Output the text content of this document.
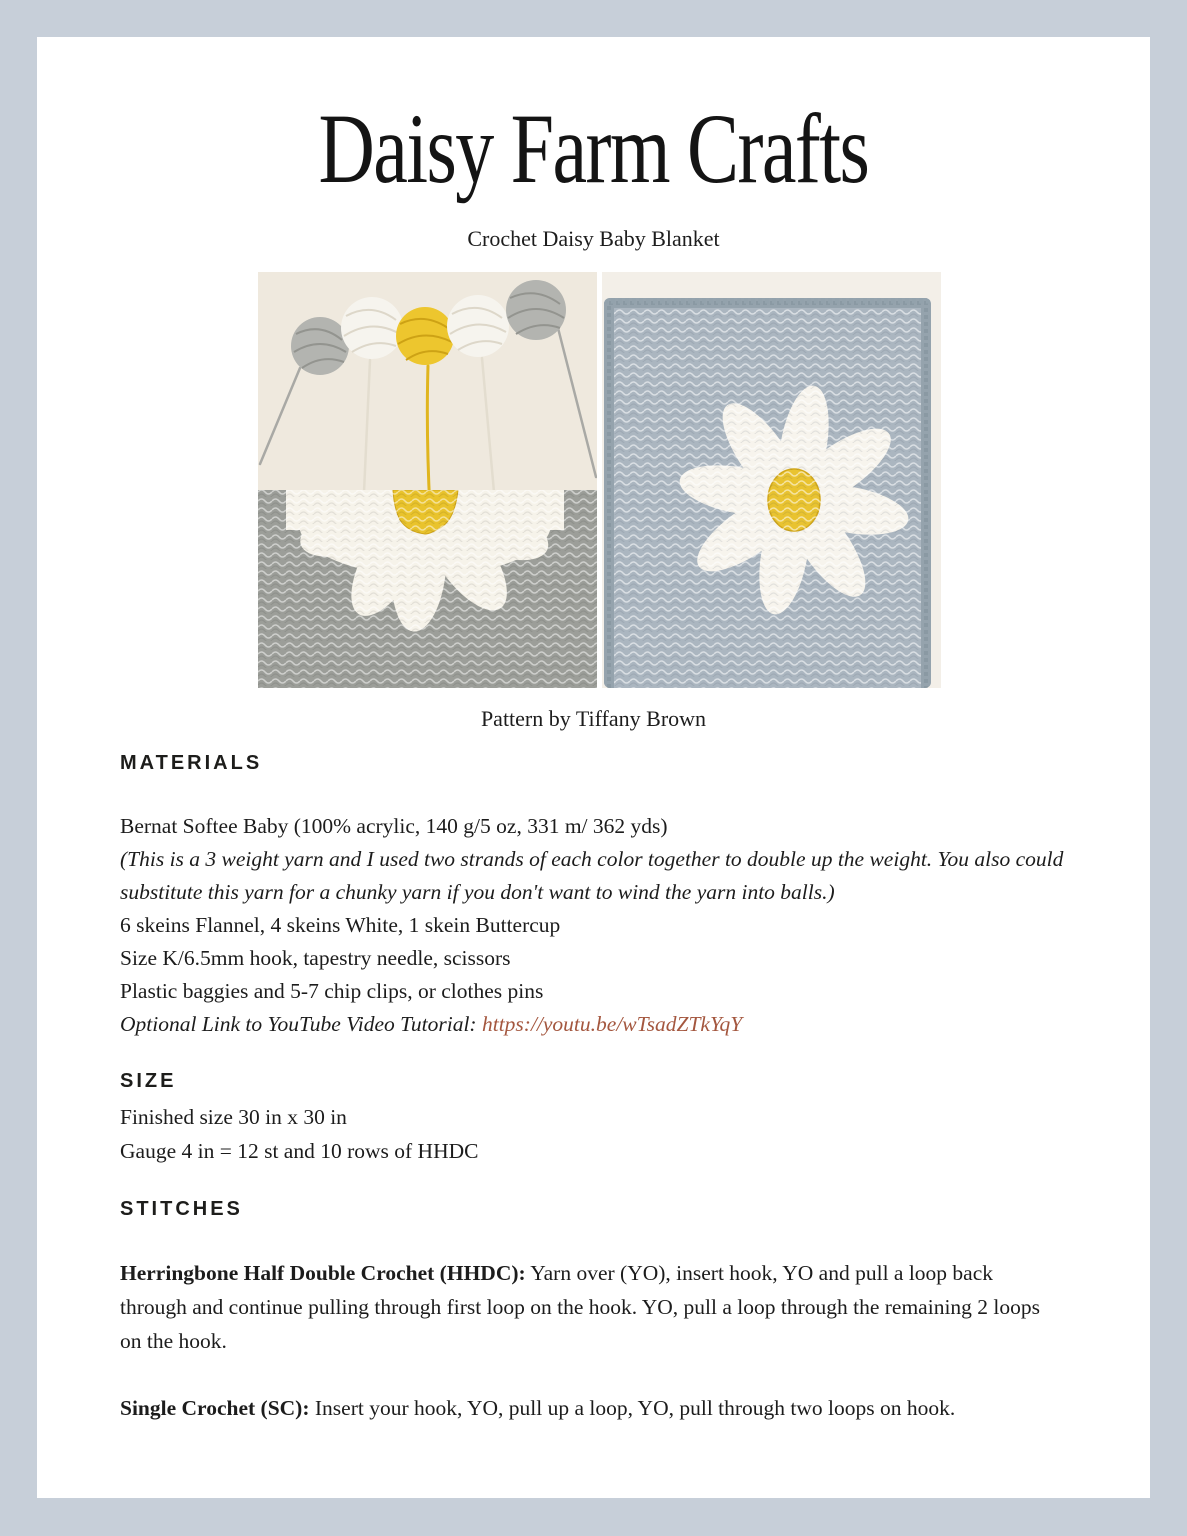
Daisy Farm Crafts
Crochet Daisy Baby Blanket
Pattern by Tiffany Brown
MATERIALS
Bernat Softee Baby (100% acrylic, 140 g/5 oz, 331 m/ 362 yds)
(This is a 3 weight yarn and I used two strands of each color together to double up the weight. You also could substitute this yarn for a chunky yarn if you don't want to wind the yarn into balls.)
6 skeins Flannel, 4 skeins White, 1 skein Buttercup
Size K/6.5mm hook, tapestry needle, scissors
Plastic baggies and 5-7 chip clips, or clothes pins
Optional Link to YouTube Video Tutorial: https://youtu.be/wTsadZTkYqY
SIZE
Finished size 30 in x 30 in
Gauge 4 in = 12 st and 10 rows of HHDC
STITCHES
Herringbone Half Double Crochet (HHDC): Yarn over (YO), insert hook, YO and pull a loop back through and continue pulling through first loop on the hook. YO, pull a loop through the remaining 2 loops on the hook.
Single Crochet (SC): Insert your hook, YO, pull up a loop, YO, pull through two loops on hook.
